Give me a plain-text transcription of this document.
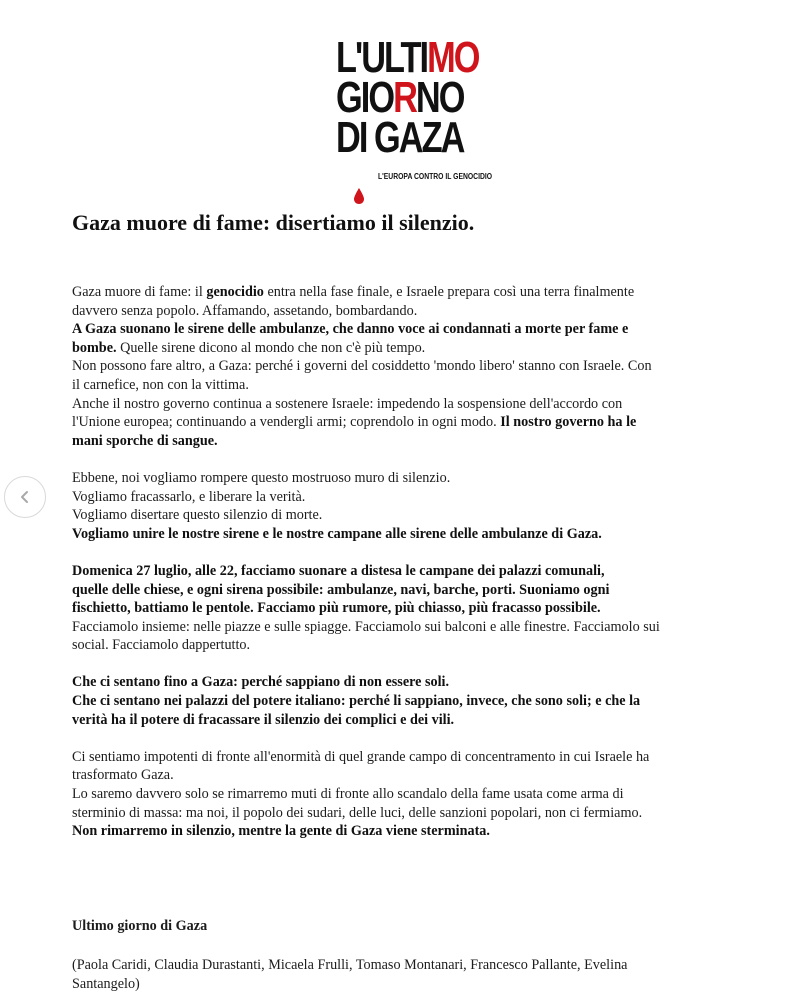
L'ULTIMO
GIORNO
DI GAZA
L'EUROPA CONTRO IL GENOCIDIO
Gaza muore di fame: disertiamo il silenzio.

Gaza muore di fame: il genocidio entra nella fase finale, e Israele prepara così una terra finalmente

davvero senza popolo. Affamando, assetando, bombardando.

A Gaza suonano le sirene delle ambulanze, che danno voce ai condannati a morte per fame e

bombe. Quelle sirene dicono al mondo che non c'è più tempo.

Non possono fare altro, a Gaza: perché i governi del cosiddetto 'mondo libero' stanno con Israele. Con

il carnefice, non con la vittima.

Anche il nostro governo continua a sostenere Israele: impedendo la sospensione dell'accordo con

l'Unione europea; continuando a vendergli armi; coprendolo in ogni modo. Il nostro governo ha le

mani sporche di sangue.

Ebbene, noi vogliamo rompere questo mostruoso muro di silenzio.

Vogliamo fracassarlo, e liberare la verità.

Vogliamo disertare questo silenzio di morte.

Vogliamo unire le nostre sirene e le nostre campane alle sirene delle ambulanze di Gaza.

Domenica 27 luglio, alle 22, facciamo suonare a distesa le campane dei palazzi comunali,

quelle delle chiese, e ogni sirena possibile: ambulanze, navi, barche, porti. Suoniamo ogni

fischietto, battiamo le pentole. Facciamo più rumore, più chiasso, più fracasso possibile.

Facciamolo insieme: nelle piazze e sulle spiagge. Facciamolo sui balconi e alle finestre. Facciamolo sui

social. Facciamolo dappertutto.

Che ci sentano fino a Gaza: perché sappiano di non essere soli.

Che ci sentano nei palazzi del potere italiano: perché li sappiano, invece, che sono soli; e che la

verità ha il potere di fracassare il silenzio dei complici e dei vili.

Ci sentiamo impotenti di fronte all'enormità di quel grande campo di concentramento in cui Israele ha

trasformato Gaza.

Lo saremo davvero solo se rimarremo muti di fronte allo scandalo della fame usata come arma di

sterminio di massa: ma noi, il popolo dei sudari, delle luci, delle sanzioni popolari, non ci fermiamo.

Non rimarremo in silenzio, mentre la gente di Gaza viene sterminata.

Ultimo giorno di Gaza

(Paola Caridi, Claudia Durastanti, Micaela Frulli, Tomaso Montanari, Francesco Pallante, Evelina

Santangelo)
